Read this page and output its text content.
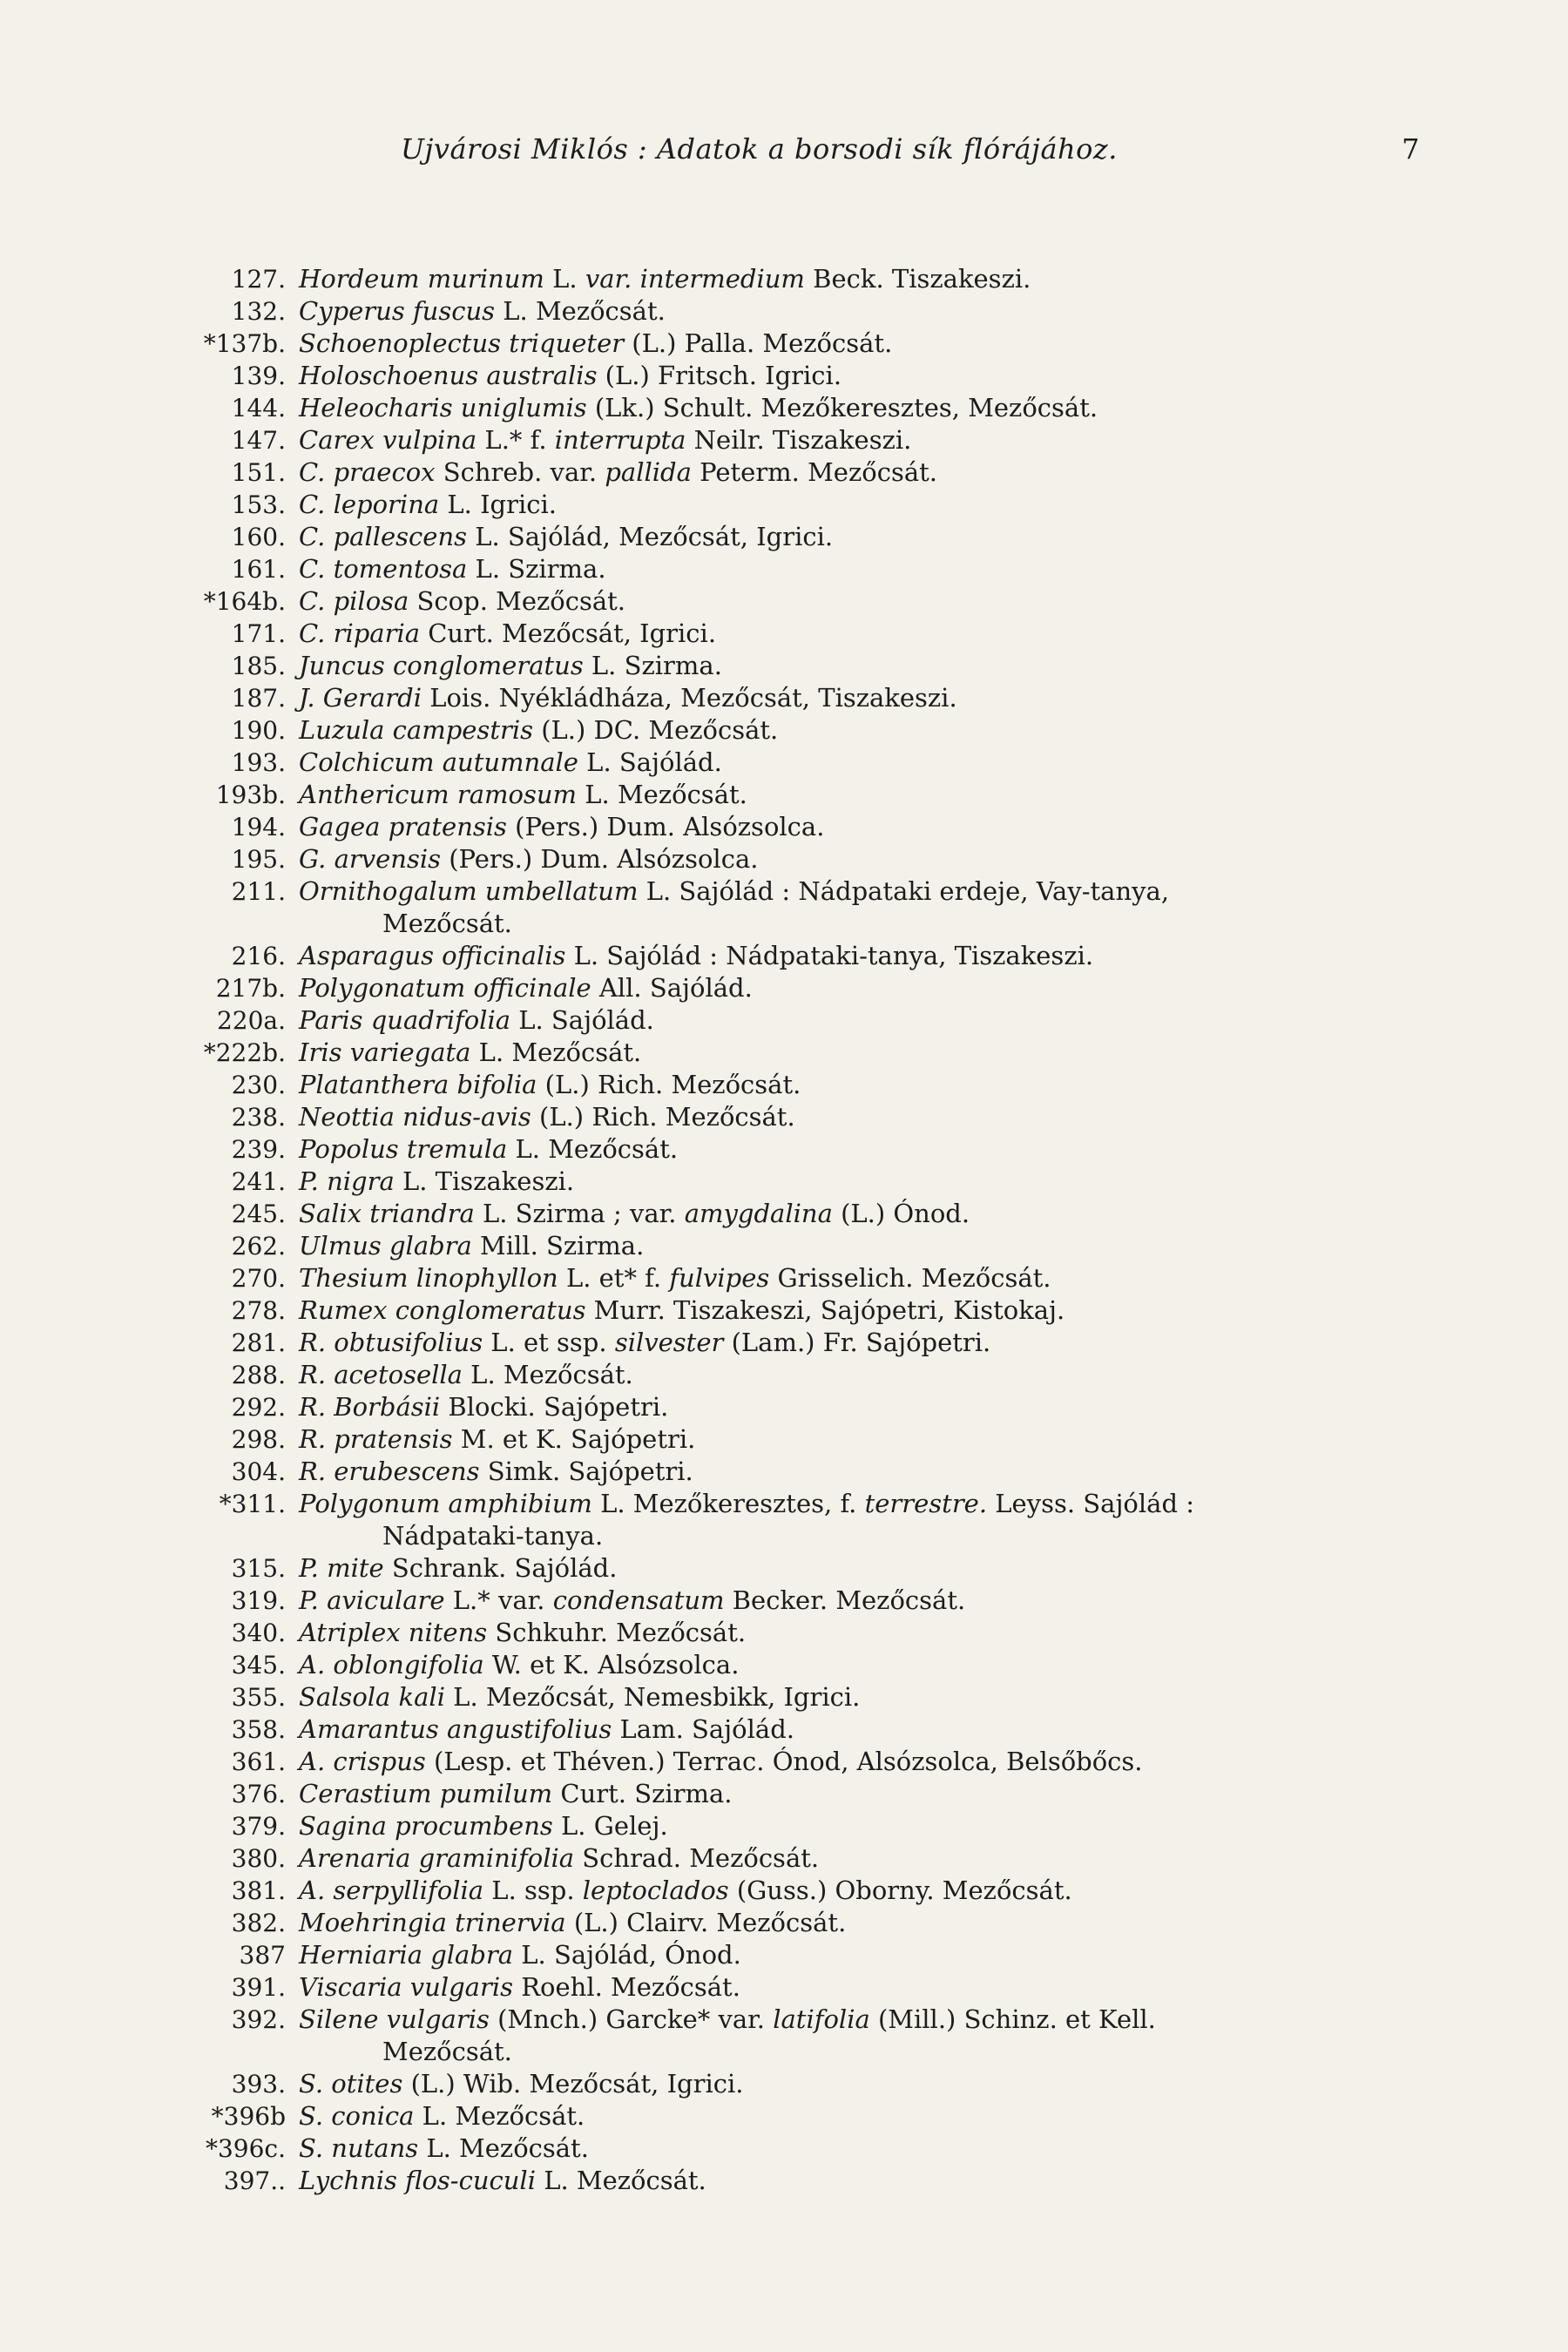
Ujvárosi Miklós : Adatok a borsodi sík flórájához.	7
127. Hordeum murinum L. var. intermedium Beck. Tiszakeszi.
132. Cyperus fuscus L. Mezőcsát.
*137b. Schoenoplectus triqueter (L.) Palla. Mezőcsát.
139. Holoschoenus australis (L.) Fritsch. Igrici.
144. Heleocharis uniglumis (Lk.) Schult. Mezőkeresztes, Mezőcsát.
147. Carex vulpina L.* f. interrupta Neilr. Tiszakeszi.
151. C. praecox Schreb. var. pallida Peterm. Mezőcsát.
153. C. leporina L. Igrici.
160. C. pallescens L. Sajólád, Mezőcsát, Igrici.
161. C. tomentosa L. Szirma.
*164b. C. pilosa Scop. Mezőcsát.
171. C. riparia Curt. Mezőcsát, Igrici.
185. Juncus conglomeratus L. Szirma.
187. J. Gerardi Lois. Nyékládháza, Mezőcsát, Tiszakeszi.
190. Luzula campestris (L.) DC. Mezőcsát.
193. Colchicum autumnale L. Sajólád.
193b. Anthericum ramosum L. Mezőcsát.
194. Gagea pratensis (Pers.) Dum. Alsózsolca.
195. G. arvensis (Pers.) Dum. Alsózsolca.
211. Ornithogalum umbellatum L. Sajólád : Nádpataki erdeje, Vay-tanya,
Mezőcsát.
216. Asparagus officinalis L. Sajólád : Nádpataki-tanya, Tiszakeszi.
217b. Polygonatum officinale All. Sajólád.
220a. Paris quadrifolia L. Sajólád.
*222b. Iris variegata L. Mezőcsát.
230. Platanthera bifolia (L.) Rich. Mezőcsát.
238. Neottia nidus-avis (L.) Rich. Mezőcsát.
239. Popolus tremula L. Mezőcsát.
241. P. nigra L. Tiszakeszi.
245. Salix triandra L. Szirma ; var. amygdalina (L.) Ónod.
262. Ulmus glabra Mill. Szirma.
270. Thesium linophyllon L. et* f. fulvipes Grisselich. Mezőcsát.
278. Rumex conglomeratus Murr. Tiszakeszi, Sajópetri, Kistokaj.
281. R. obtusifolius L. et ssp. silvester (Lam.) Fr. Sajópetri.
288. R. acetosella L. Mezőcsát.
292. R. Borbásii Blocki. Sajópetri.
298. R. pratensis M. et K. Sajópetri.
304. R. erubescens Simk. Sajópetri.
*311. Polygonum amphibium L. Mezőkeresztes, f. terrestre. Leyss. Sajólád :
Nádpataki-tanya.
315. P. mite Schrank. Sajólád.
319. P. aviculare L.* var. condensatum Becker. Mezőcsát.
340. Atriplex nitens Schkuhr. Mezőcsát.
345. A. oblongifolia W. et K. Alsózsolca.
355. Salsola kali L. Mezőcsát, Nemesbikk, Igrici.
358. Amarantus angustifolius Lam. Sajólád.
361. A. crispus (Lesp. et Théven.) Terrac. Ónod, Alsózsolca, Belsőbőcs.
376. Cerastium pumilum Curt. Szirma.
379. Sagina procumbens L. Gelej.
380. Arenaria graminifolia Schrad. Mezőcsát.
381. A. serpyllifolia L. ssp. leptoclados (Guss.) Oborny. Mezőcsát.
382. Moehringia trinervia (L.) Clairv. Mezőcsát.
387 Herniaria glabra L. Sajólád, Ónod.
391. Viscaria vulgaris Roehl. Mezőcsát.
392. Silene vulgaris (Mnch.) Garcke* var. latifolia (Mill.) Schinz. et Kell.
Mezőcsát.
393. S. otites (L.) Wib. Mezőcsát, Igrici.
*396b S. conica L. Mezőcsát.
*396c. S. nutans L. Mezőcsát.
397.. Lychnis flos-cuculi L. Mezőcsát.
